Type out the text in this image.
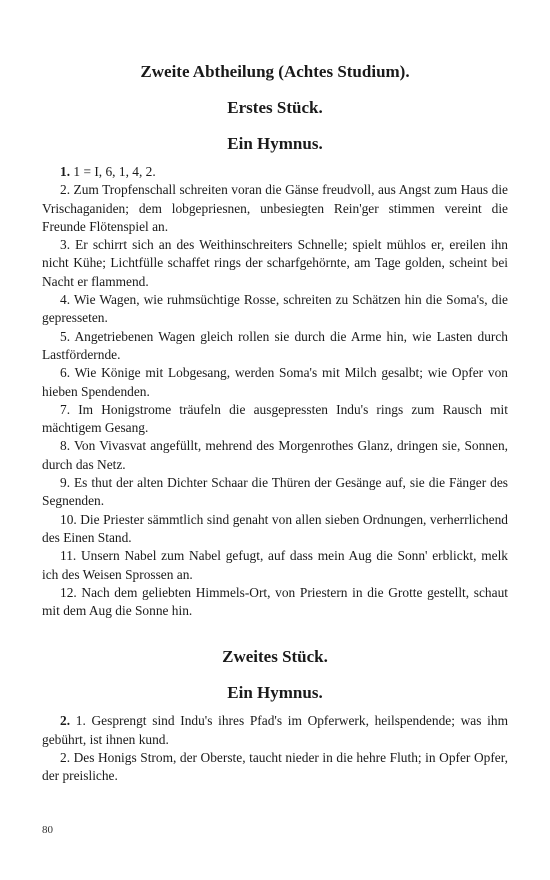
Zweite Abtheilung (Achtes Studium).
Erstes Stück.
Ein Hymnus.

1. 1 = I, 6, 1, 4, 2.

2. Zum Tropfenschall schreiten voran die Gänse freudvoll, aus Angst zum Haus die Vrischaganiden; dem lobgepriesnen, unbesiegten Rein'ger stimmen vereint die Freunde Flötenspiel an.

3. Er schirrt sich an des Weithinschreiters Schnelle; spielt mühlos er, ereilen ihn nicht Kühe; Lichtfülle schaffet rings der scharfgehörnte, am Tage golden, scheint bei Nacht er flammend.

4. Wie Wagen, wie ruhmsüchtige Rosse, schreiten zu Schätzen hin die Soma's, die gepresseten.

5. Angetriebenen Wagen gleich rollen sie durch die Arme hin, wie Lasten durch Lastfördernde.

6. Wie Könige mit Lobgesang, werden Soma's mit Milch gesalbt; wie Opfer von hieben Spendenden.

7. Im Honigstrome träufeln die ausgepressten Indu's rings zum Rausch mit mächtigem Gesang.

8. Von Vivasvat angefüllt, mehrend des Morgenrothes Glanz, dringen sie, Sonnen, durch das Netz.

9. Es thut der alten Dichter Schaar die Thüren der Gesänge auf, sie die Fänger des Segnenden.

10. Die Priester sämmtlich sind genaht von allen sieben Ordnungen, verherrlichend des Einen Stand.

11. Unsern Nabel zum Nabel gefugt, auf dass mein Aug die Sonn' erblickt, melk ich des Weisen Sprossen an.

12. Nach dem geliebten Himmels-Ort, von Priestern in die Grotte gestellt, schaut mit dem Aug die Sonne hin.

Zweites Stück.
Ein Hymnus.

2. 1. Gesprengt sind Indu's ihres Pfad's im Opferwerk, heilspendende; was ihm gebührt, ist ihnen kund.

2. Des Honigs Strom, der Oberste, taucht nieder in die hehre Fluth; in Opfer Opfer, der preisliche.

80
